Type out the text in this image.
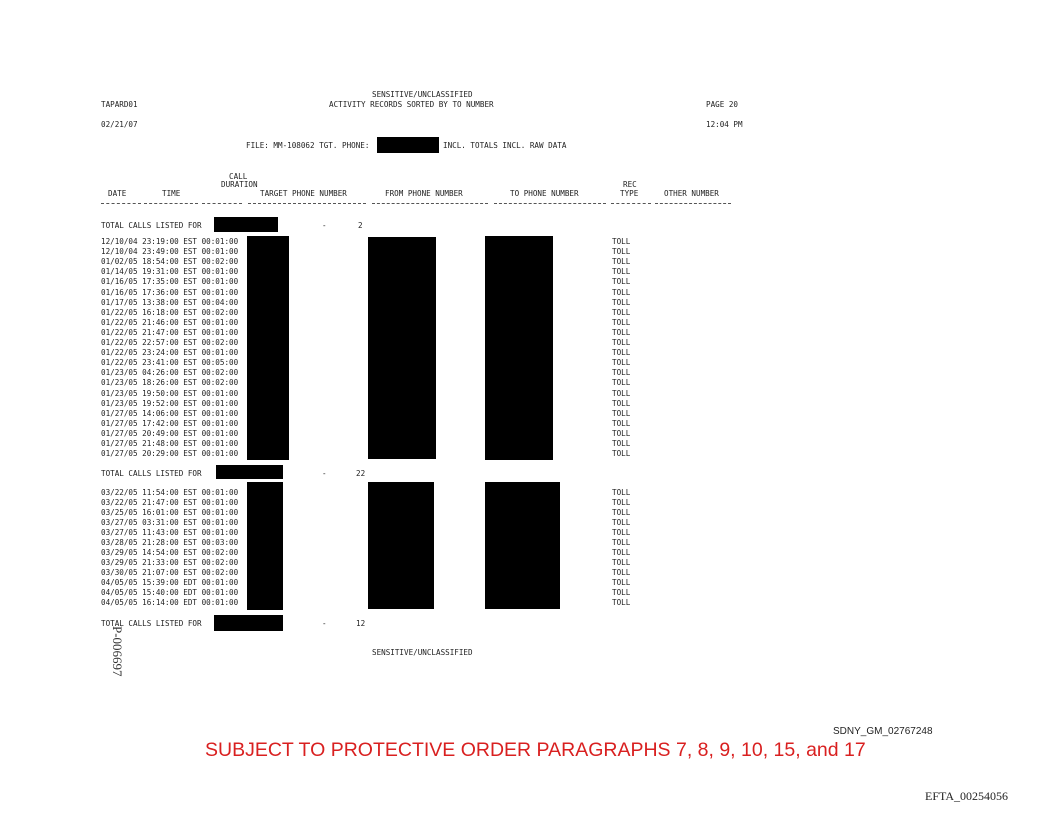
SENSITIVE/UNCLASSIFIED
TAPARD01	ACTIVITY RECORDS SORTED BY TO NUMBER	PAGE 20
02/21/07	12:04 PM
FILE: MM-108062 TGT. PHONE:	INCL. TOTALS INCL. RAW DATA
CALL
DURATION	REC
DATE	TIME	TARGET PHONE NUMBER	FROM PHONE NUMBER	TO PHONE NUMBER	TYPE	OTHER NUMBER
TOTAL CALLS LISTED FOR	-	2
12/10/04 23:19:00 EST 00:01:00	TOLL
12/10/04 23:49:00 EST 00:01:00	TOLL
01/02/05 18:54:00 EST 00:02:00	TOLL
01/14/05 19:31:00 EST 00:01:00	TOLL
01/16/05 17:35:00 EST 00:01:00	TOLL
01/16/05 17:36:00 EST 00:01:00	TOLL
01/17/05 13:38:00 EST 00:04:00	TOLL
01/22/05 16:18:00 EST 00:02:00	TOLL
01/22/05 21:46:00 EST 00:01:00	TOLL
01/22/05 21:47:00 EST 00:01:00	TOLL
01/22/05 22:57:00 EST 00:02:00	TOLL
01/22/05 23:24:00 EST 00:01:00	TOLL
01/22/05 23:41:00 EST 00:05:00	TOLL
01/23/05 04:26:00 EST 00:02:00	TOLL
01/23/05 18:26:00 EST 00:02:00	TOLL
01/23/05 19:50:00 EST 00:01:00	TOLL
01/23/05 19:52:00 EST 00:01:00	TOLL
01/27/05 14:06:00 EST 00:01:00	TOLL
01/27/05 17:42:00 EST 00:01:00	TOLL
01/27/05 20:49:00 EST 00:01:00	TOLL
01/27/05 21:48:00 EST 00:01:00	TOLL
01/27/05 20:29:00 EST 00:01:00	TOLL
TOTAL CALLS LISTED FOR	-	22
03/22/05 11:54:00 EST 00:01:00	TOLL
03/22/05 21:47:00 EST 00:01:00	TOLL
03/25/05 16:01:00 EST 00:01:00	TOLL
03/27/05 03:31:00 EST 00:01:00	TOLL
03/27/05 11:43:00 EST 00:01:00	TOLL
03/28/05 21:28:00 EST 00:03:00	TOLL
03/29/05 14:54:00 EST 00:02:00	TOLL
03/29/05 21:33:00 EST 00:02:00	TOLL
03/30/05 21:07:00 EST 00:02:00	TOLL
04/05/05 15:39:00 EDT 00:01:00	TOLL
04/05/05 15:40:00 EDT 00:01:00	TOLL
04/05/05 16:14:00 EDT 00:01:00	TOLL
TOTAL CALLS LISTED FOR	-	12
SENSITIVE/UNCLASSIFIED
P-006697
SDNY_GM_02767248
SUBJECT TO PROTECTIVE ORDER PARAGRAPHS 7, 8, 9, 10, 15, and 17
EFTA_00254056
